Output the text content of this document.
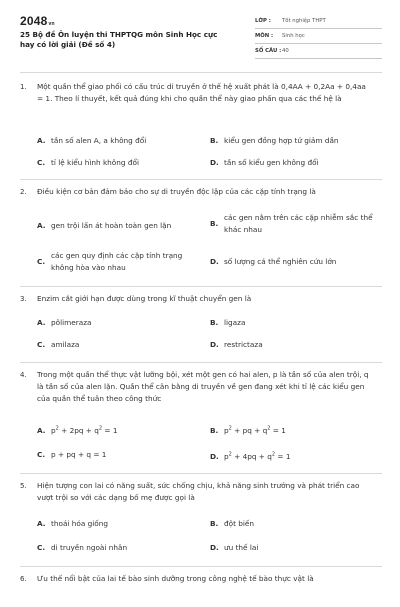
2048vn
25 Bộ đề Ôn luyện thi THPTQG môn Sinh Học cực hay có lời giải (Đề số 4)
LỚP :	Tốt nghiệp THPT
MÔN :	Sinh học
SỐ CÂU : 40
1. Một quần thể giao phối có cấu trúc di truyền ở thế hệ xuất phát là 0,4AA + 0,2Aa + 0,4aa = 1. Theo lí thuyết, kết quả đúng khi cho quần thể này giao phấn qua các thế hệ là
A. tần số alen A, a không đổi	B. kiểu gen đồng hợp tử giảm dần
C. tỉ lệ kiểu hình không đổi	D. tần số kiểu gen không đổi
2. Điều kiện cơ bản đảm bảo cho sự di truyền độc lập của các cặp tính trạng là
A. gen trội lấn át hoàn toàn gen lặn	B.
các gen nằm trên các cặp nhiễm sắc thể khác nhau
C.
các gen quy định các cặp tính trạng không hòa vào nhau
D. số lượng cá thể nghiên cứu lớn
3. Enzim cắt giới hạn được dùng trong kĩ thuật chuyển gen là
A. pôlimeraza	B. ligaza
C. amilaza	D. restrictaza
4. Trong một quần thể thực vật lưỡng bội, xét một gen có hai alen, p là tần số của alen trội, q là tần số của alen lặn. Quần thể cân bằng di truyền về gen đang xét khi tỉ lệ các kiểu gen của quần thể tuân theo công thức
A. $p^2 + 2pq + q^2 = 1$	B. $p^2$ + pq + $q^2 = 1$
C. p + pq + q = 1	D. $p^2 + 4pq + q^2 = 1$
5. Hiện tượng con lai có năng suất, sức chống chịu, khả năng sinh trưởng và phát triển cao vượt trội so với các dạng bố mẹ được gọi là
A. thoái hóa giống	B. đột biến
C. di truyền ngoài nhân	D. ưu thế lai
6. Ưu thế nổi bật của lai tế bào sinh dưỡng trong công nghệ tế bào thực vật là
